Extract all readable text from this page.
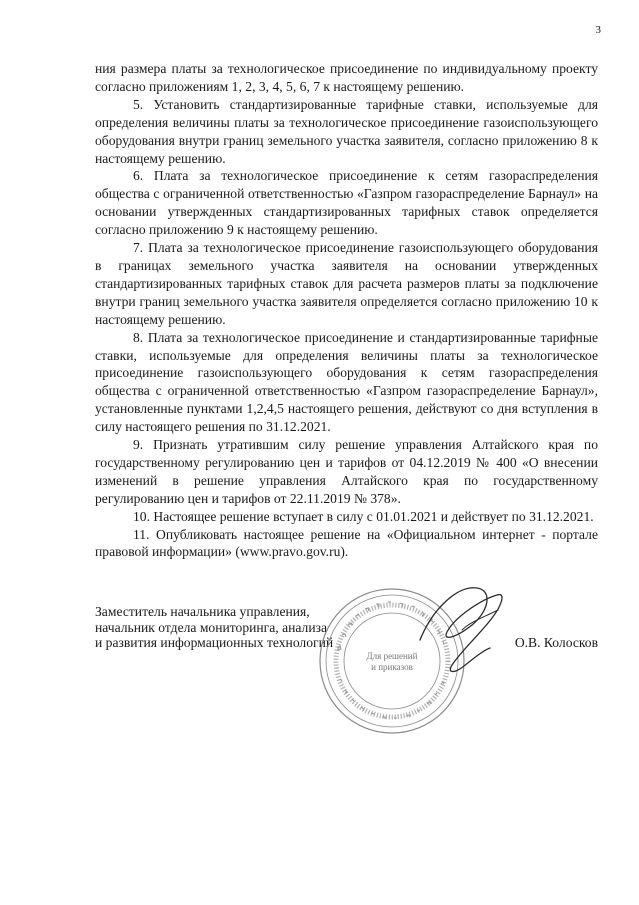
3

ния размера платы за технологическое присоединение по индивидуальному проекту согласно приложениям 1, 2, 3, 4, 5, 6, 7 к настоящему решению.

5. Установить стандартизированные тарифные ставки, используемые для определения величины платы за технологическое присоединение газоиспользующего оборудования внутри границ земельного участка заявителя, согласно приложению 8 к настоящему решению.

6. Плата за технологическое присоединение к сетям газораспределения общества с ограниченной ответственностью «Газпром газораспределение Барнаул» на основании утвержденных стандартизированных тарифных ставок определяется согласно приложению 9 к настоящему решению.

7. Плата за технологическое присоединение газоиспользующего оборудования в границах земельного участка заявителя на основании утвержденных стандартизированных тарифных ставок для расчета размеров платы за подключение внутри границ земельного участка заявителя определяется согласно приложению 10 к настоящему решению.

8. Плата за технологическое присоединение и стандартизированные тарифные ставки, используемые для определения величины платы за технологическое присоединение газоиспользующего оборудования к сетям газораспределения общества с ограниченной ответственностью «Газпром газораспределение Барнаул», установленные пунктами 1,2,4,5 настоящего решения, действуют со дня вступления в силу настоящего решения по 31.12.2021.

9. Признать утратившим силу решение управления Алтайского края по государственному регулированию цен и тарифов от 04.12.2019 № 400 «О внесении изменений в решение управления Алтайского края по государственному регулированию цен и тарифов от 22.11.2019 № 378».

10. Настоящее решение вступает в силу с 01.01.2021 и действует по 31.12.2021.

11. Опубликовать настоящее решение на «Официальном интернет - портале правовой информации» (www.pravo.gov.ru).

Заместитель начальника управления,
начальник отдела мониторинга, анализа
и развития информационных технологий	О.В. Колосков
Для решений
и приказов
